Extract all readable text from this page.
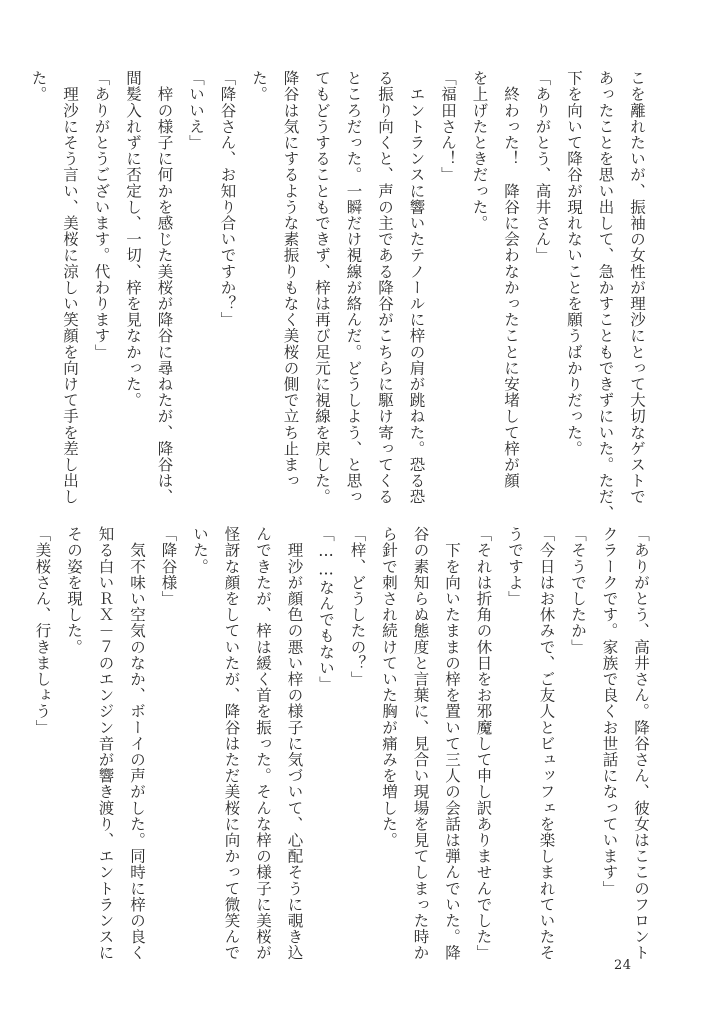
こを離れたいが、振袖の女性が理沙にとって大切なゲストで
あったことを思い出して、急かすこともできずにいた。ただ、
下を向いて降谷が現れないことを願うばかりだった。
「ありがとう、高井さん」
　終わった！　降谷に会わなかったことに安堵して梓が顔
を上げたときだった。
「福田さん！」
　エントランスに響いたテノールに梓の肩が跳ねた。恐る恐
る振り向くと、声の主である降谷がこちらに駆け寄ってくる
ところだった。一瞬だけ視線が絡んだ。どうしよう、と思っ
てもどうすることもできず、梓は再び足元に視線を戻した。
降谷は気にするような素振りもなく美桜の側で立ち止まっ
た。
「降谷さん、お知り合いですか？」
「いいえ」
　梓の様子に何かを感じた美桜が降谷に尋ねたが、降谷は、
間髪入れずに否定し、一切、梓を見なかった。
「ありがとうございます。代わります」
　理沙にそう言い、美桜に涼しい笑顔を向けて手を差し出し
た。
「ありがとう、高井さん。降谷さん、彼女はここのフロント
クラークです。家族で良くお世話になっています」
「そうでしたか」
「今日はお休みで、ご友人とビュッフェを楽しまれていたそ
うですよ」
「それは折角の休日をお邪魔して申し訳ありませんでした」
　下を向いたままの梓を置いて三人の会話は弾んでいた。降
谷の素知らぬ態度と言葉に、見合い現場を見てしまった時か
ら針で刺され続けていた胸が痛みを増した。
「梓、どうしたの？」
「……なんでもない」
　理沙が顔色の悪い梓の様子に気づいて、心配そうに覗き込
んできたが、梓は緩く首を振った。そんな梓の様子に美桜が
怪訝な顔をしていたが、降谷はただ美桜に向かって微笑んで
いた。
「降谷様」
　気不味い空気のなか、ボーイの声がした。同時に梓の良く
知る白いＲＸ－７のエンジン音が響き渡り、エントランスに
その姿を現した。
「美桜さん、行きましょう」
24
